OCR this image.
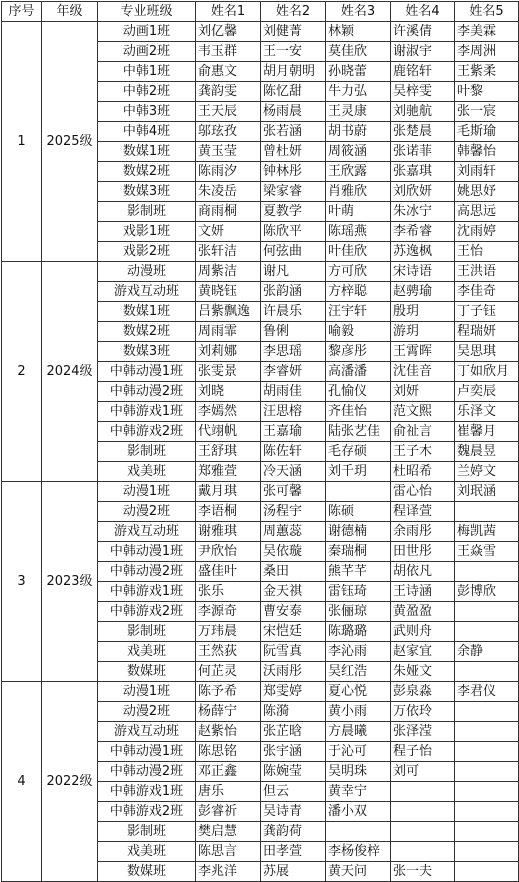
序号	年级	专业班级	姓名1	姓名2	姓名3	姓名4	姓名5
1	2025级	动画1班	刘亿馨	刘健菁	林颖	许溪倩	李美霖
		动画2班	韦玉群	王一安	莫佳欣	谢淑宇	李周洲
		中韩1班	俞惠文	胡月朝明	孙晓蕾	鹿铭轩	王紫柔
		中韩2班	龚韵雯	陈忆甜	牛力弘	吴梓雯	叶黎
		中韩3班	王天辰	杨雨晨	王灵康	刘驰航	张一宸
		中韩4班	邬玹孜	张若涵	胡书蔚	张楚晨	毛斯瑜
		数媒1班	黄玉莹	曾杜妍	周筱涵	张诺菲	韩馨怡
		数媒2班	陈雨汐	钟林彤	王欣露	张嘉琪	刘雨轩
		数媒3班	朱凌岳	梁家睿	肖雅欣	刘欣妍	姚思妤
		影制班	商雨桐	夏教学	叶萌	朱冰宁	高思远
		戏影1班	文妍	陈欣平	陈瑶燕	李希睿	沈雨婷
		戏影2班	张轩洁	何弦曲	叶佳欣	苏逸枫	王怡
2	2024级	动漫班	周紫洁	谢凡	方可欣	宋诗语	王洪语
		游戏互动班	黄晓钰	张韵涵	方梓聪	赵骋瑜	李佳奇
		数媒1班	吕紫飘逸	许晨乐	汪宇轩	殷玥	丁子钰
		数媒2班	周雨霏	鲁俐	喻毅	游玥	程瑞妍
		数媒3班	刘莉娜	李思瑶	黎彦彤	王霄晖	吴思琪
		中韩动漫1班	张雯景	李睿妍	高潘潘	沈佳音	丁如欣月
		中韩动漫2班	刘晓	胡雨佳	孔愉仪	刘妍	卢奕辰
		中韩游戏1班	李嫣然	汪思榕	齐佳怡	范文熙	乐泽文
		中韩游戏2班	代翊帆	王嘉瑜	陆张艺佳	俞祉言	崔馨月
		影制班	王舒琪	陈佐轩	毛存硕	王子木	魏晨昱
		戏美班	郑雅萱	冷天涵	刘千玥	杜昭希	兰婷文
3	2023级	动漫1班	戴月琪	张可馨		雷心怡	刘珉涵
		动漫2班	李语桐	汤程宇	陈硕	程译萱	
		游戏互动班	谢雅琪	周蕙蕊	谢德楠	余雨彤	梅凯茜
		中韩动漫1班	尹欣怡	吴依璇	秦瑞桐	田世彤	王焱雪
		中韩动漫2班	盛佳叶	桑田	熊芊芊	胡依凡	
		中韩游戏1班	张乐	金天祺	雷钰琦	王诗涵	彭博欣
		中韩游戏2班	李源奇	曹安泰	张俪琼	黄盈盈	
		影制班	万玮晨	宋恺廷	陈璐璐	武则舟	
		戏美班	王然荻	阮雪真	李沁雨	赵家宜	余静
		数媒班	何芷灵	沃雨彤	吴红浩	朱娅文	
4	2022级	动漫1班	陈予希	郑雯婷	夏心悦	彭泉淼	李君仪
		动漫2班	杨薛宁	陈漪	黄小雨	万依玲	
		游戏互动班	赵紫怡	张芷晗	方晨曦	张泽滢	
		中韩动漫1班	陈思铭	张宇涵	于沁可	程子怡	
		中韩动漫2班	邓正鑫	陈婉莹	吴明珠	刘可	
		中韩游戏1班	唐乐	但云	黄幸宁		
		中韩游戏2班	彭睿祈	吴诗青	潘小双		
		影制班	樊启慧	龚韵荷			
		戏美班	陈思言	田孝萱	李杨俊梓		
		数媒班	李兆洋	苏展	黄天问	张一夫	
